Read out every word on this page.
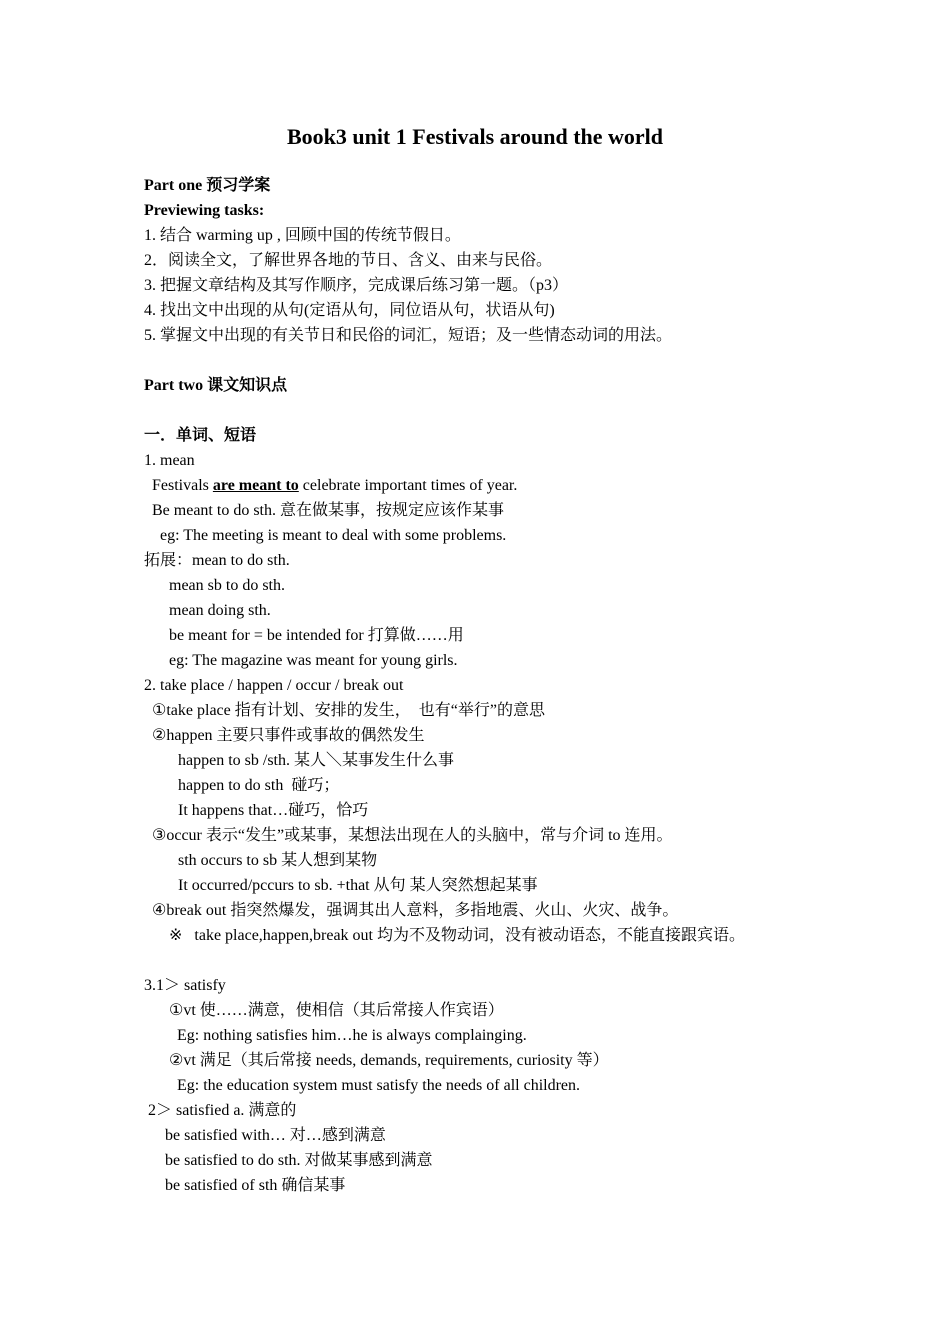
Book3 unit 1 Festivals around the world
Part one 预习学案
Previewing tasks:
1. 结合 warming up , 回顾中国的传统节假日。
2．阅读全文，了解世界各地的节日、含义、由来与民俗。
3. 把握文章结构及其写作顺序，完成课后练习第一题。（p3）
4. 找出文中出现的从句(定语从句，同位语从句，状语从句)
5. 掌握文中出现的有关节日和民俗的词汇，短语；及一些情态动词的用法。
Part two 课文知识点
一．单词、短语
1. mean
Festivals are meant to celebrate important times of year.
Be meant to do sth. 意在做某事，按规定应该作某事
eg: The meeting is meant to deal with some problems.
拓展：mean to do sth.
mean sb to do sth.
mean doing sth.
be meant for = be intended for 打算做……用
eg: The magazine was meant for young girls.
2. take place / happen / occur / break out
①take place 指有计划、安排的发生，  也有“举行”的意思
②happen 主要只事件或事故的偶然发生
happen to sb /sth. 某人＼某事发生什么事
happen to do sth  碰巧；
It happens that…碰巧，恰巧
③occur 表示“发生”或某事，某想法出现在人的头脑中，常与介词 to 连用。
sth occurs to sb 某人想到某物
It occurred/pccurs to sb. +that 从句 某人突然想起某事
④break out 指突然爆发，强调其出人意料，多指地震、火山、火灾、战争。
※   take place,happen,break out 均为不及物动词，没有被动语态，不能直接跟宾语。
3.1＞ satisfy
①vt 使……满意，使相信（其后常接人作宾语）
Eg: nothing satisfies him…he is always complainging.
②vt 满足（其后常接 needs, demands, requirements, curiosity 等）
Eg: the education system must satisfy the needs of all children.
2＞ satisfied a. 满意的
be satisfied with… 对…感到满意
be satisfied to do sth. 对做某事感到满意
be satisfied of sth 确信某事
